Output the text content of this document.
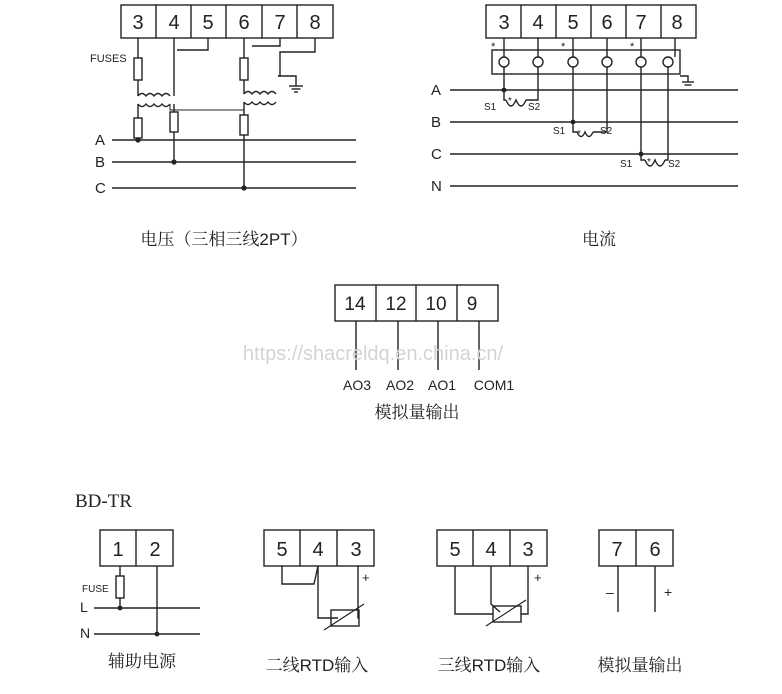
*	*	*
*
*
*
3 4 5 6 7 8
FUSES
A
B
C
电压（三相三线2PT）
3 4 5 6 7 8
A
B
C
N
S1	S2
S1	S2
S1	S2
电流
14 12 10 9
AO3 AO2 AO1 COM1
模拟量输出
https://shacreldq.en.china.cn/
BD-TR
1 2
FUSE
L
N
辅助电源
5 4 3
+
二线RTD输入
5 4 3
+
三线RTD输入
7 6
–	+
模拟量输出
